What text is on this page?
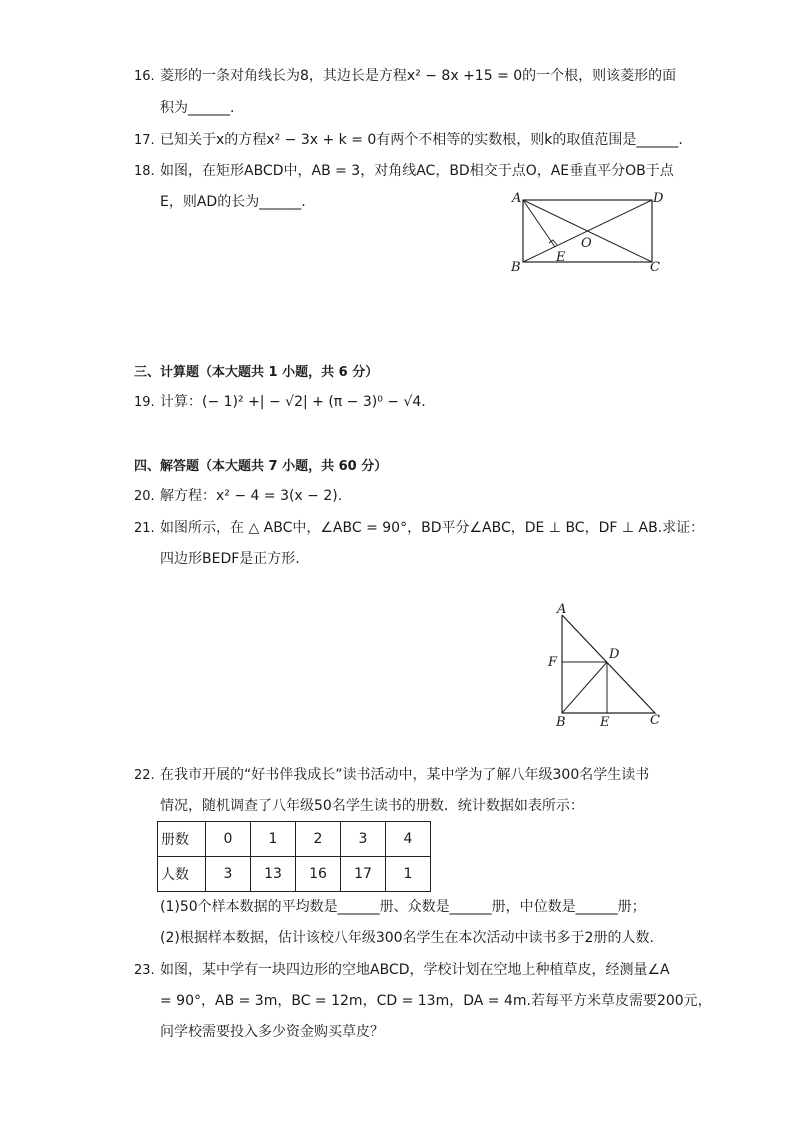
16. 菱形的一条对角线长为8，其边长是方程x² − 8x +15 = 0的一个根，则该菱形的面
积为______.
17. 已知关于x的方程x² − 3x + k = 0有两个不相等的实数根，则k的取值范围是______.
18. 如图，在矩形ABCD中，AB = 3，对角线AC，BD相交于点O，AE垂直平分OB于点
E，则AD的长为______.	A	D
B	C
O
E
三、计算题（本大题共 1 小题，共 6 分）
19. 计算：(− 1)² +| − √2| + (π − 3)⁰ − √4.
四、解答题（本大题共 7 小题，共 60 分）
20. 解方程：x² − 4 = 3(x − 2).
21. 如图所示，在 △ ABC中，∠ABC = 90°，BD平分∠ABC，DE ⊥ BC，DF ⊥ AB.求证：
四边形BEDF是正方形.
A
F
D
B	E	C
22. 在我市开展的“好书伴我成长”读书活动中，某中学为了解八年级300名学生读书
情况，随机调查了八年级50名学生读书的册数．统计数据如表所示：
册数	0	1	2	3	4
人数	3	13	16	17	1
(1)50个样本数据的平均数是______册、众数是______册，中位数是______册；
(2)根据样本数据，估计该校八年级300名学生在本次活动中读书多于2册的人数.
23. 如图，某中学有一块四边形的空地ABCD，学校计划在空地上种植草皮，经测量∠A
= 90°，AB = 3m，BC = 12m，CD = 13m，DA = 4m.若每平方米草皮需要200元，
问学校需要投入多少资金购买草皮？
